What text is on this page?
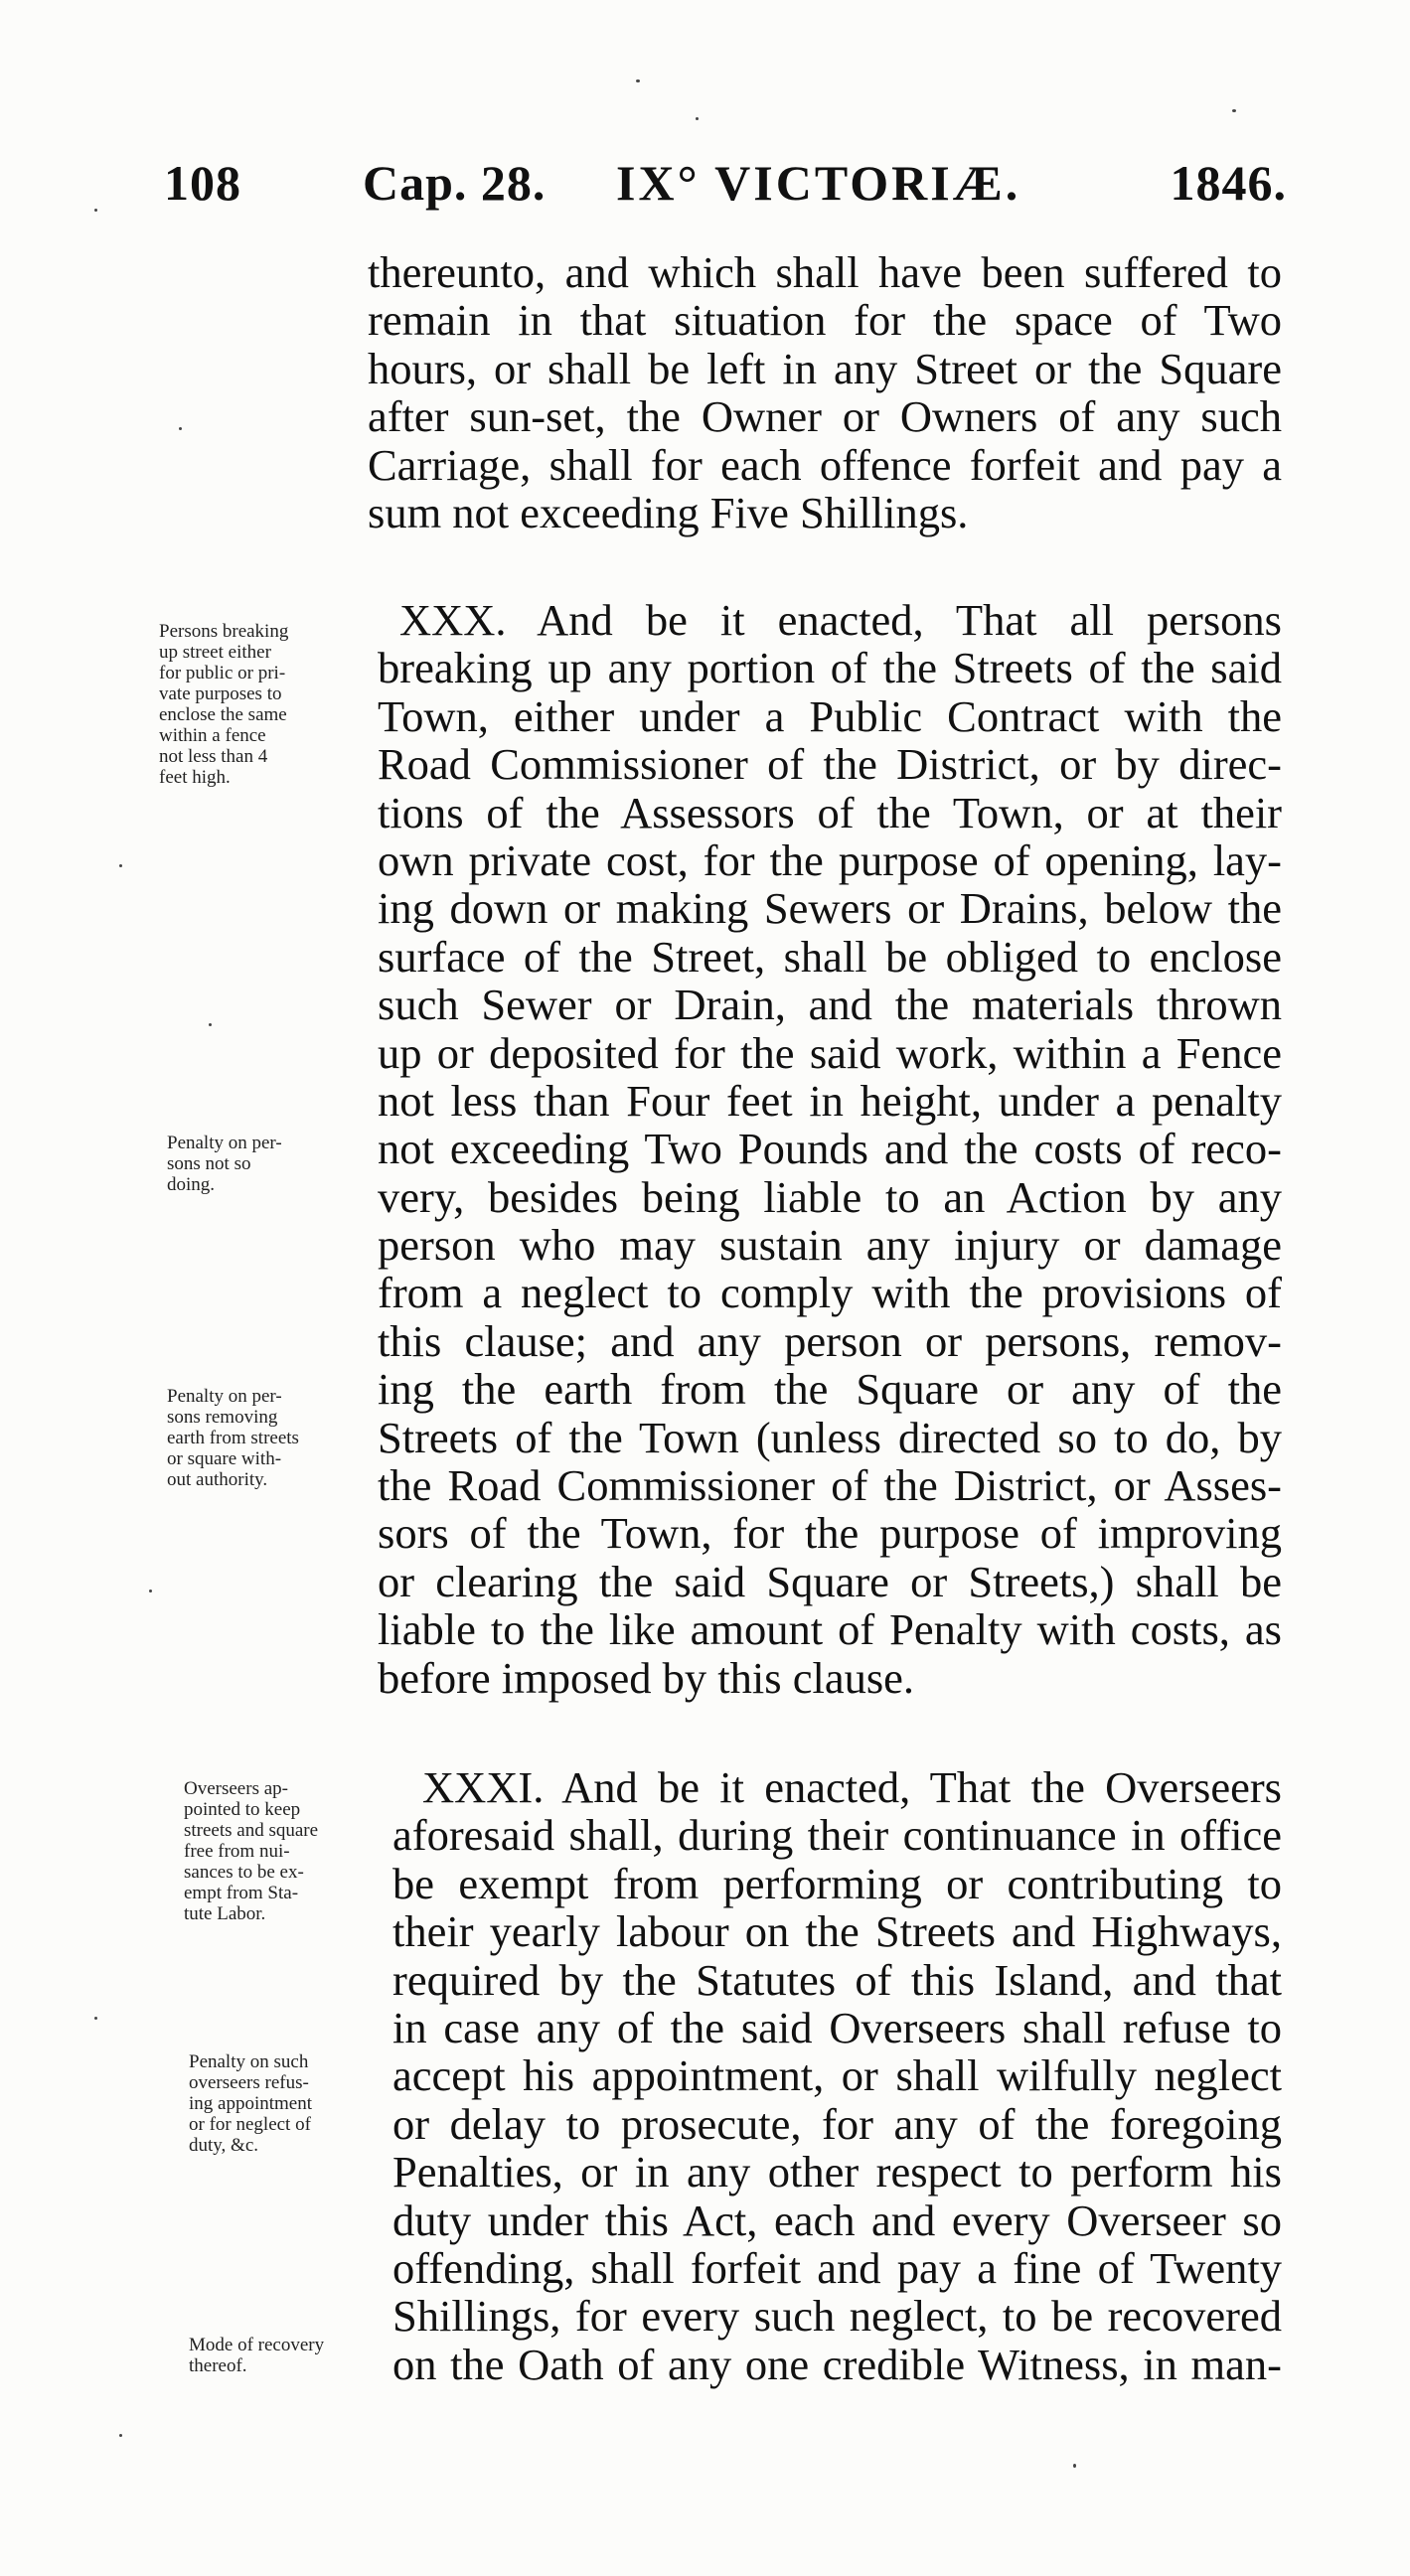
108 Cap. 28. IX° VICTORIÆ.	1846.
thereunto, and which shall have been suffered to
remain in that situation for the space of Two
hours, or shall be left in any Street or the Square
after sun-set, the Owner or Owners of any such
Carriage, shall for each offence forfeit and pay a
sum not exceeding Five Shillings.
XXX. And be it enacted, That all persons
breaking up any portion of the Streets of the said
Town, either under a Public Contract with the
Road Commissioner of the District, or by direc-
tions of the Assessors of the Town, or at their
own private cost, for the purpose of opening, lay-
ing down or making Sewers or Drains, below the
surface of the Street, shall be obliged to enclose
such Sewer or Drain, and the materials thrown
up or deposited for the said work, within a Fence
not less than Four feet in height, under a penalty
not exceeding Two Pounds and the costs of reco-
very, besides being liable to an Action by any
person who may sustain any injury or damage
from a neglect to comply with the provisions of
this clause; and any person or persons, remov-
ing the earth from the Square or any of the
Streets of the Town (unless directed so to do, by
the Road Commissioner of the District, or Asses-
sors of the Town, for the purpose of improving
or clearing the said Square or Streets,) shall be
liable to the like amount of Penalty with costs, as
before imposed by this clause.
XXXI. And be it enacted, That the Overseers
aforesaid shall, during their continuance in office
be exempt from performing or contributing to
their yearly labour on the Streets and Highways,
required by the Statutes of this Island, and that
in case any of the said Overseers shall refuse to
accept his appointment, or shall wilfully neglect
or delay to prosecute, for any of the foregoing
Penalties, or in any other respect to perform his
duty under this Act, each and every Overseer so
offending, shall forfeit and pay a fine of Twenty
Shillings, for every such neglect, to be recovered
on the Oath of any one credible Witness, in man-
Persons breaking
up street either
for public or pri-
vate purposes to
enclose the same
within a fence
not less than 4
feet high.
Penalty on per-
sons not so
doing.
Penalty on per-
sons removing
earth from streets
or square with-
out authority.
Overseers ap-
pointed to keep
streets and square
free from nui-
sances to be ex-
empt from Sta-
tute Labor.
Penalty on such
overseers refus-
ing appointment
or for neglect of
duty, &c.
Mode of recovery
thereof.
